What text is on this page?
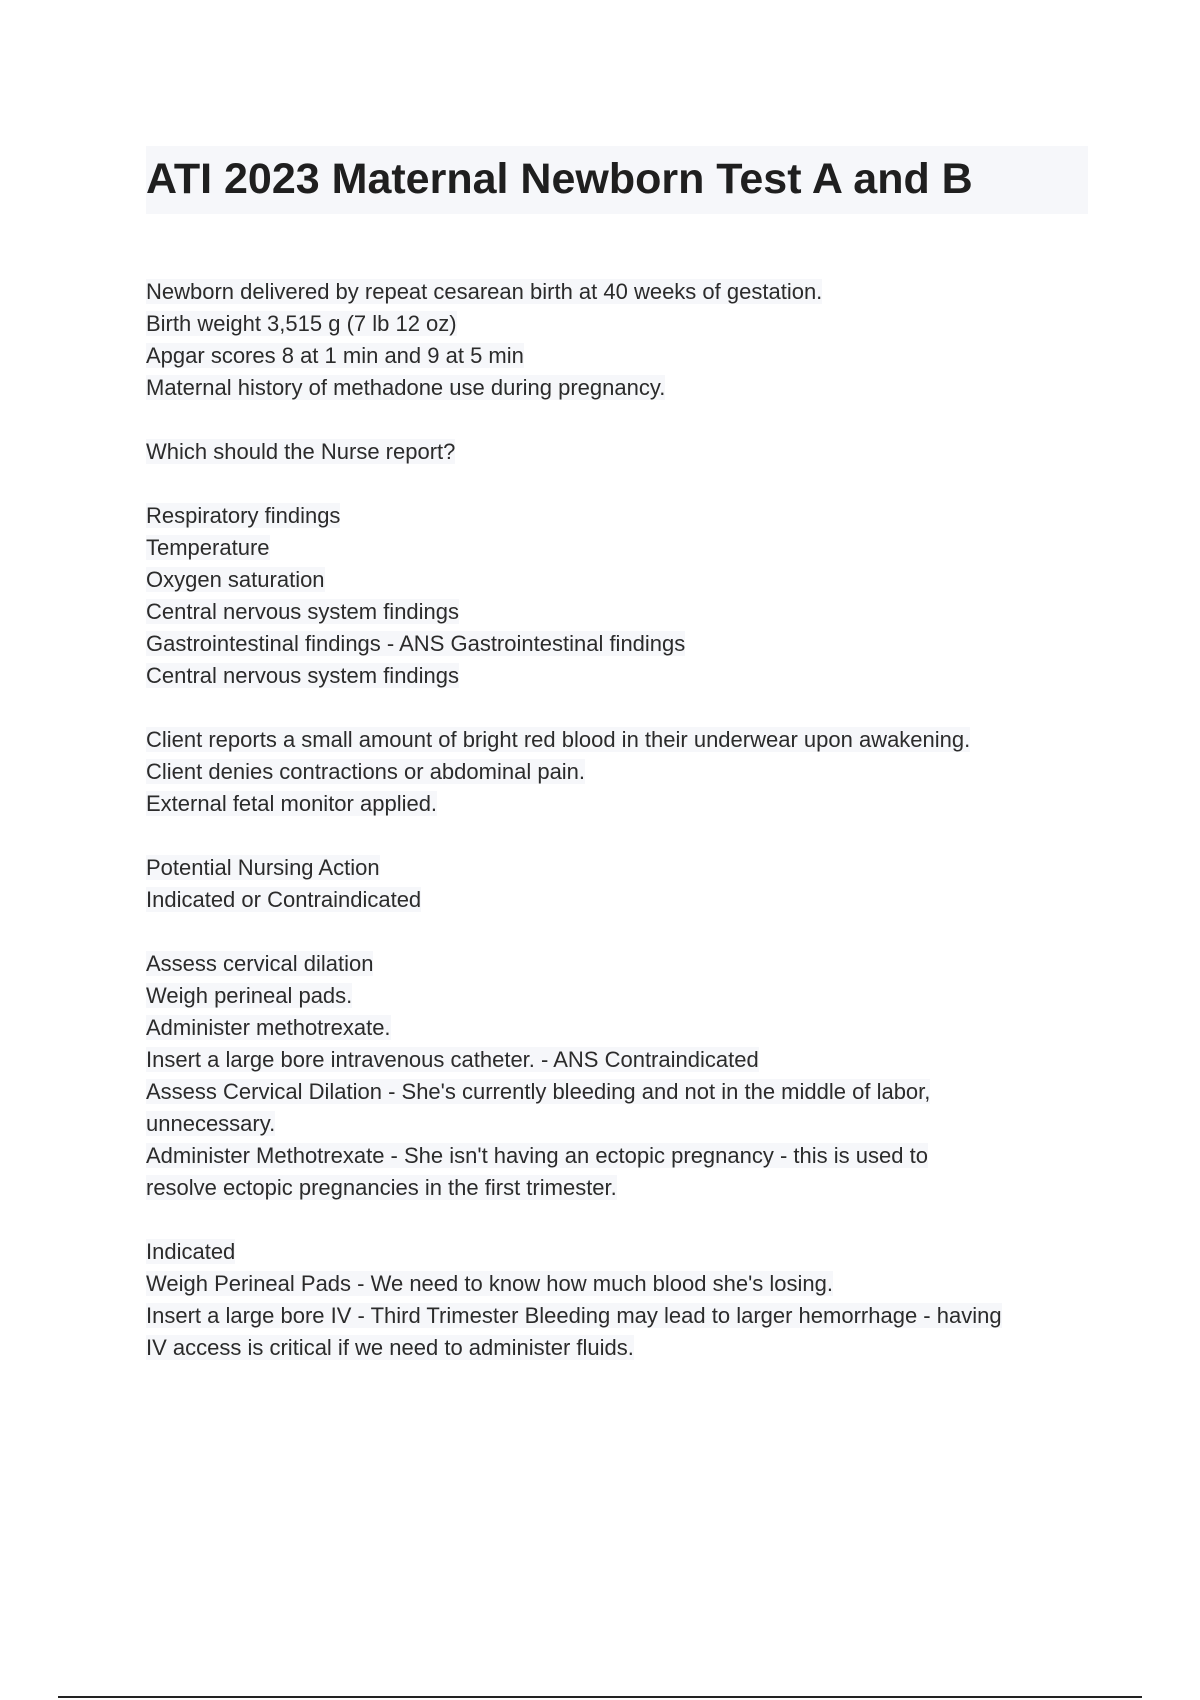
ATI 2023 Maternal Newborn Test A and B

Newborn delivered by repeat cesarean birth at 40 weeks of gestation.

Birth weight 3,515 g (7 lb 12 oz)

Apgar scores 8 at 1 min and 9 at 5 min

Maternal history of methadone use during pregnancy.

Which should the Nurse report?

Respiratory findings

Temperature

Oxygen saturation

Central nervous system findings

Gastrointestinal findings - ANS Gastrointestinal findings

Central nervous system findings

Client reports a small amount of bright red blood in their underwear upon awakening.

Client denies contractions or abdominal pain.

External fetal monitor applied.

Potential Nursing Action

Indicated or Contraindicated

Assess cervical dilation

Weigh perineal pads.

Administer methotrexate.

Insert a large bore intravenous catheter. - ANS Contraindicated

Assess Cervical Dilation - She's currently bleeding and not in the middle of labor,

unnecessary.

Administer Methotrexate - She isn't having an ectopic pregnancy - this is used to

resolve ectopic pregnancies in the first trimester.

Indicated

Weigh Perineal Pads - We need to know how much blood she's losing.

Insert a large bore IV - Third Trimester Bleeding may lead to larger hemorrhage - having

IV access is critical if we need to administer fluids.
